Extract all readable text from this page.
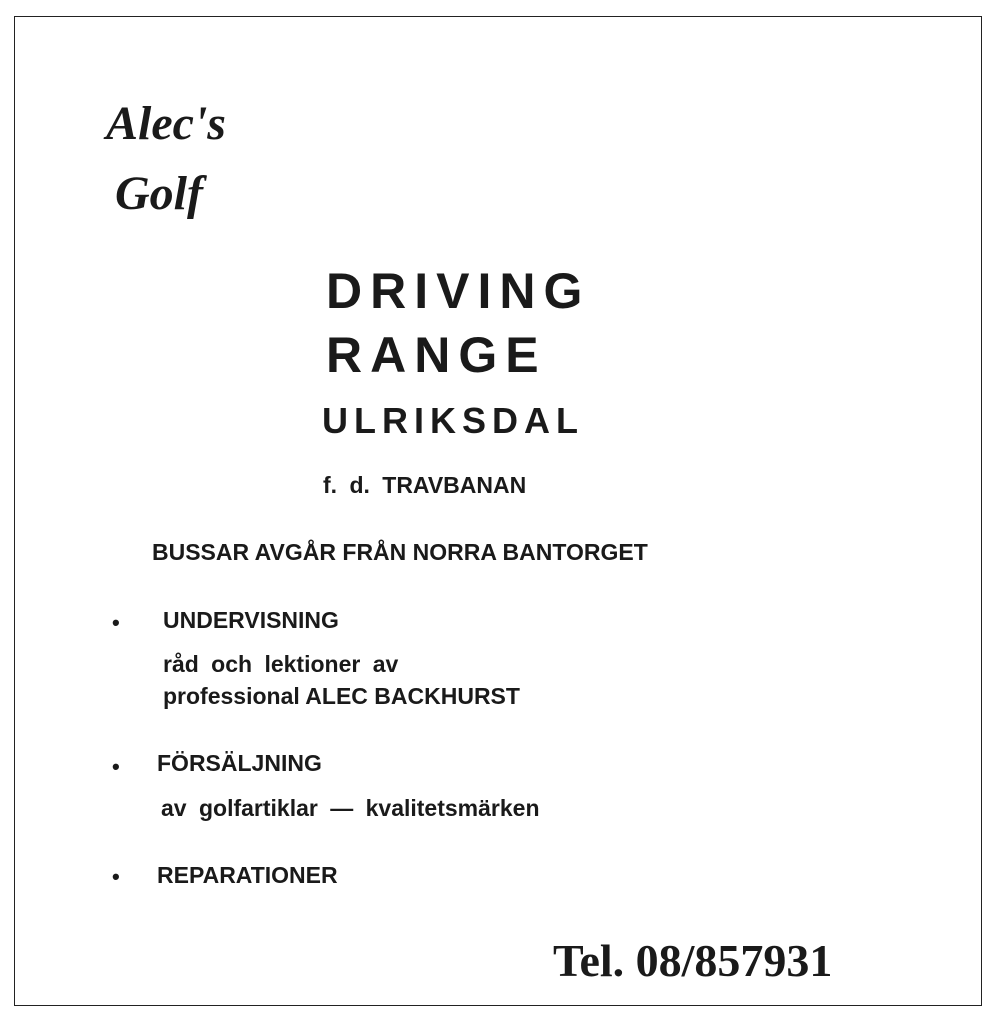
Alec's
Golf
DRIVING
RANGE
ULRIKSDAL
f. d. TRAVBANAN
BUSSAR AVGÅR FRÅN NORRA BANTORGET
• UNDERVISNING
råd och lektioner av
professional ALEC BACKHURST
• FÖRSÄLJNING
av golfartiklar — kvalitetsmärken
• REPARATIONER
Tel. 08/857931
